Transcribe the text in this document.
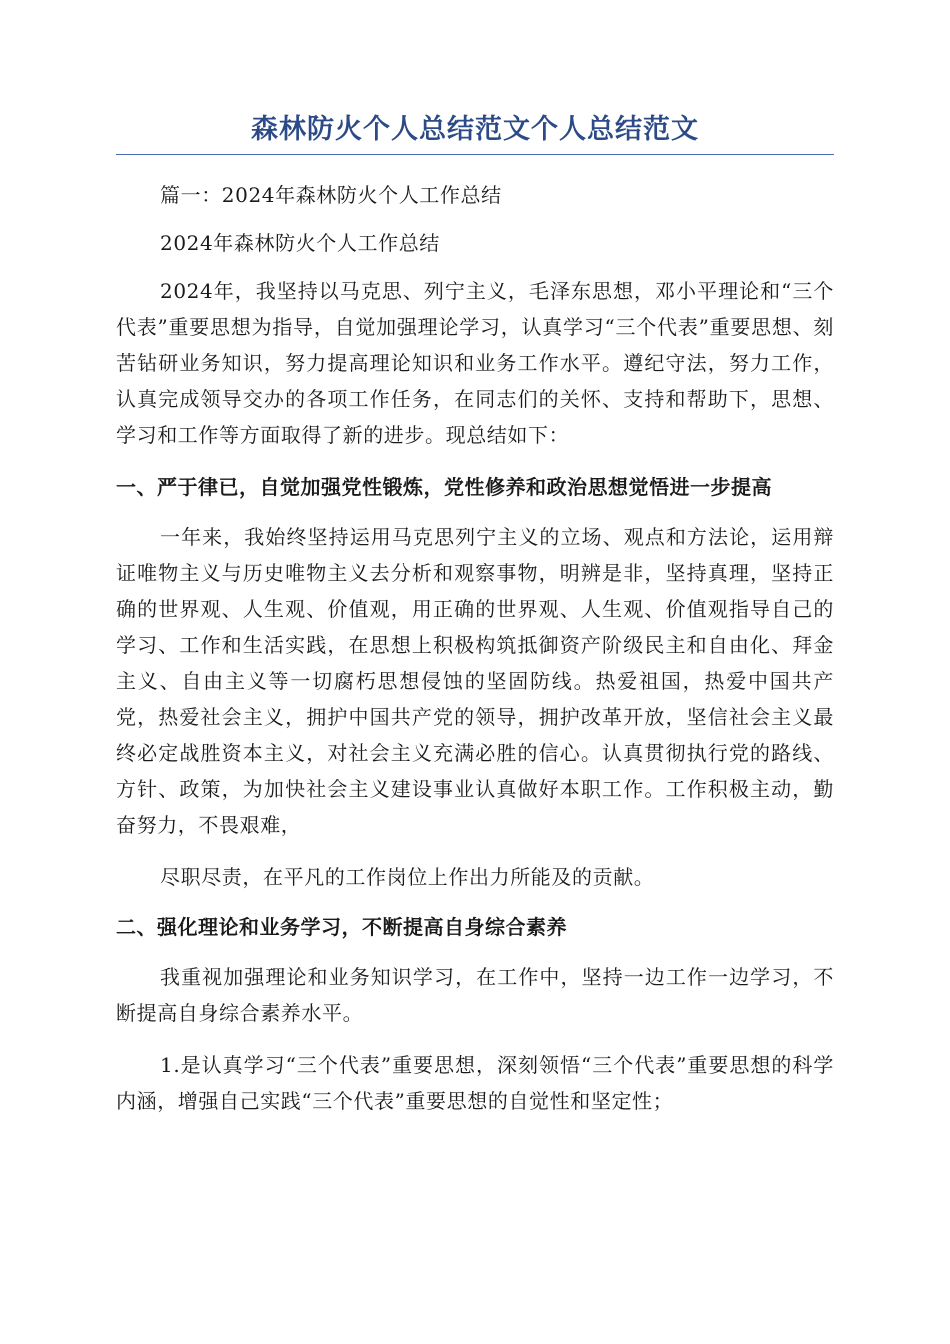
森林防火个人总结范文个人总结范文

篇一：2024年森林防火个人工作总结

2024年森林防火个人工作总结

2024年，我坚持以马克思、列宁主义，毛泽东思想，邓小平理论和“三个代表”重要思想为指导，自觉加强理论学习，认真学习“三个代表”重要思想、刻苦钻研业务知识，努力提高理论知识和业务工作水平。遵纪守法，努力工作，认真完成领导交办的各项工作任务，在同志们的关怀、支持和帮助下，思想、学习和工作等方面取得了新的进步。现总结如下：

一、严于律已，自觉加强党性锻炼，党性修养和政治思想觉悟进一步提高

一年来，我始终坚持运用马克思列宁主义的立场、观点和方法论，运用辩证唯物主义与历史唯物主义去分析和观察事物，明辨是非，坚持真理，坚持正确的世界观、人生观、价值观，用正确的世界观、人生观、价值观指导自己的学习、工作和生活实践，在思想上积极构筑抵御资产阶级民主和自由化、拜金主义、自由主义等一切腐朽思想侵蚀的坚固防线。热爱祖国，热爱中国共产党，热爱社会主义，拥护中国共产党的领导，拥护改革开放，坚信社会主义最终必定战胜资本主义，对社会主义充满必胜的信心。认真贯彻执行党的路线、方针、政策，为加快社会主义建设事业认真做好本职工作。工作积极主动，勤奋努力，不畏艰难，

尽职尽责，在平凡的工作岗位上作出力所能及的贡献。

二、强化理论和业务学习，不断提高自身综合素养

我重视加强理论和业务知识学习，在工作中，坚持一边工作一边学习，不断提高自身综合素养水平。

1.是认真学习“三个代表”重要思想，深刻领悟“三个代表”重要思想的科学内涵，增强自己实践“三个代表”重要思想的自觉性和坚定性；
